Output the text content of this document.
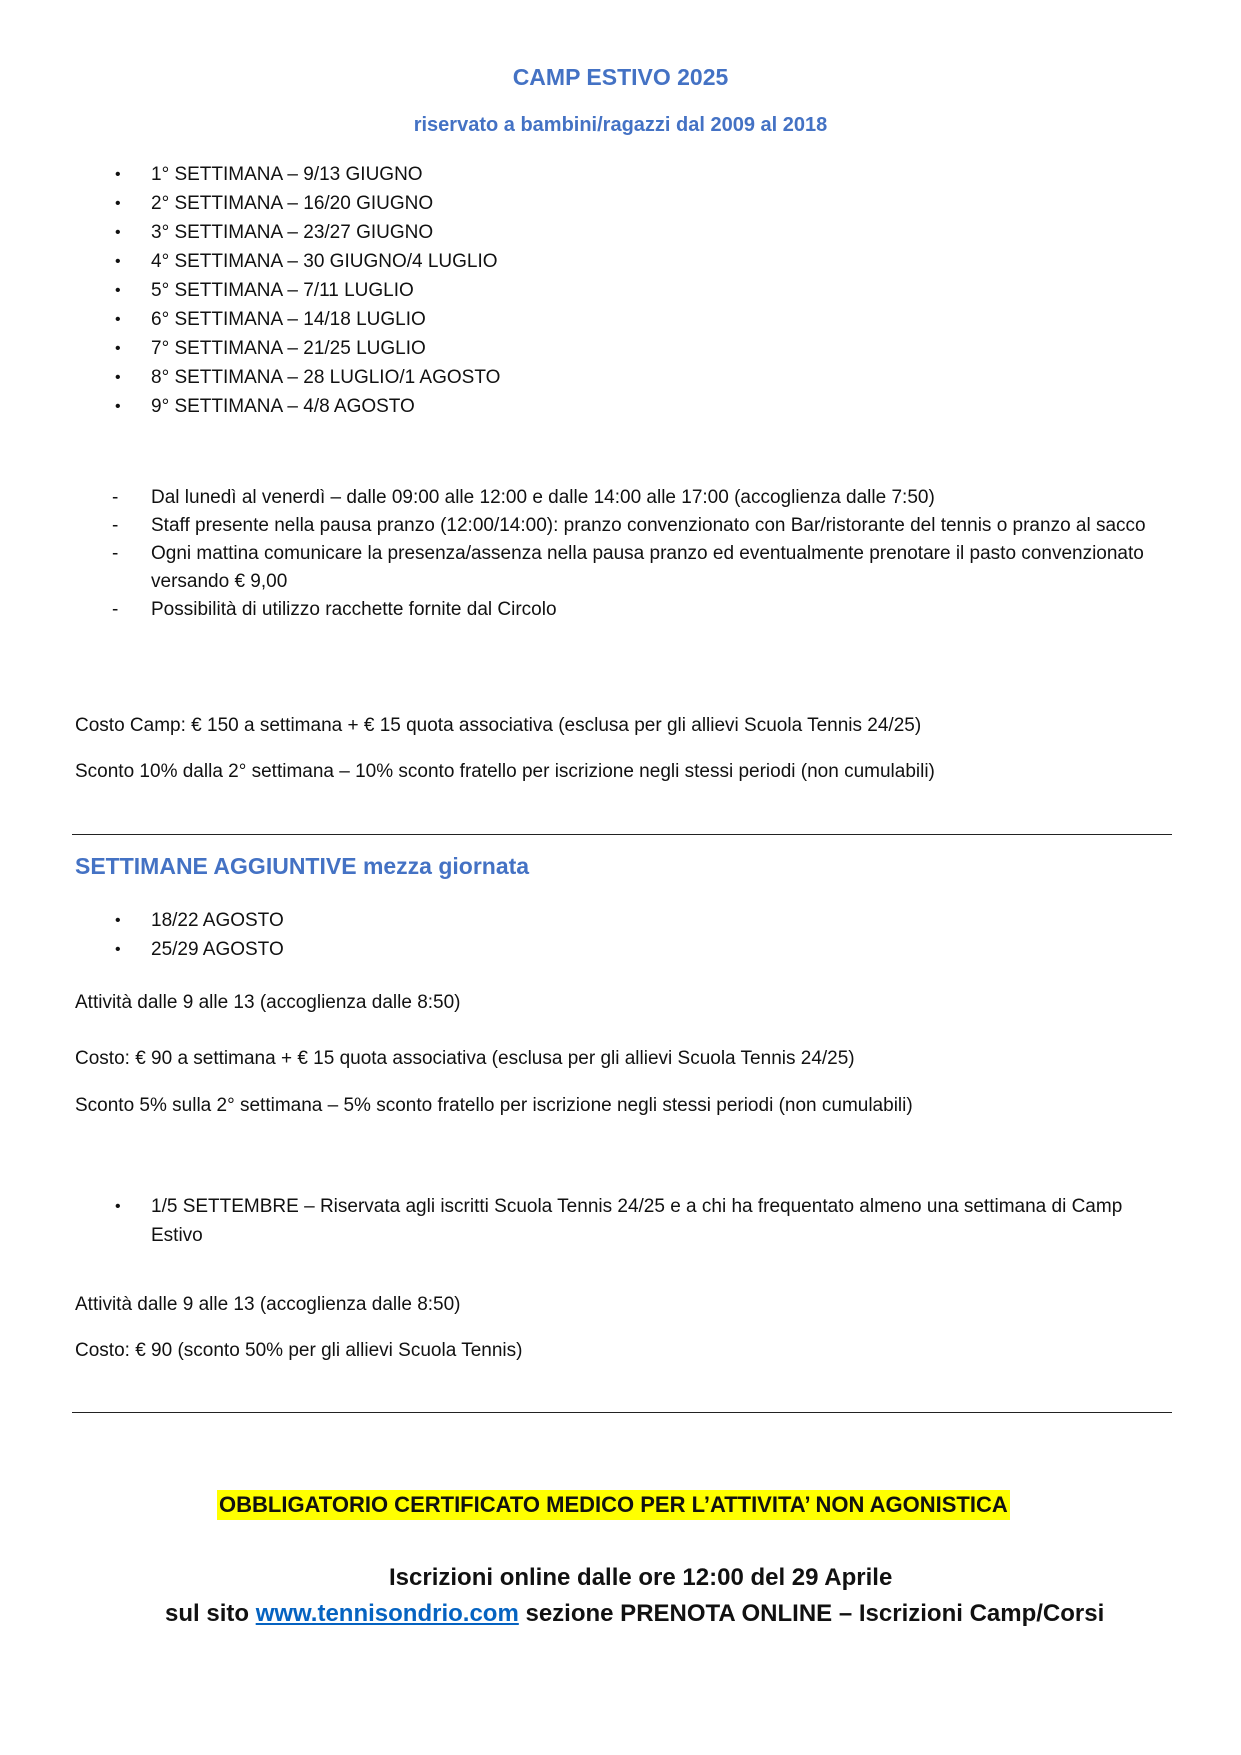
CAMP ESTIVO 2025
riservato a bambini/ragazzi dal 2009 al 2018
• 1° SETTIMANA – 9/13 GIUGNO
• 2° SETTIMANA – 16/20 GIUGNO
• 3° SETTIMANA – 23/27 GIUGNO
• 4° SETTIMANA – 30 GIUGNO/4 LUGLIO
• 5° SETTIMANA – 7/11 LUGLIO
• 6° SETTIMANA – 14/18 LUGLIO
• 7° SETTIMANA – 21/25 LUGLIO
• 8° SETTIMANA – 28 LUGLIO/1 AGOSTO
• 9° SETTIMANA – 4/8 AGOSTO
- Dal lunedì al venerdì – dalle 09:00 alle 12:00 e dalle 14:00 alle 17:00 (accoglienza dalle 7:50)
- Staff presente nella pausa pranzo (12:00/14:00): pranzo convenzionato con Bar/ristorante del tennis o pranzo al sacco
- Ogni mattina comunicare la presenza/assenza nella pausa pranzo ed eventualmente prenotare il pasto convenzionato versando € 9,00
- Possibilità di utilizzo racchette fornite dal Circolo
Costo Camp: € 150 a settimana + € 15 quota associativa (esclusa per gli allievi Scuola Tennis 24/25)
Sconto 10% dalla 2° settimana – 10% sconto fratello per iscrizione negli stessi periodi (non cumulabili)
SETTIMANE AGGIUNTIVE mezza giornata
• 18/22 AGOSTO
• 25/29 AGOSTO
Attività dalle 9 alle 13 (accoglienza dalle 8:50)
Costo: € 90 a settimana + € 15 quota associativa (esclusa per gli allievi Scuola Tennis 24/25)
Sconto 5% sulla 2° settimana – 5% sconto fratello per iscrizione negli stessi periodi (non cumulabili)
• 1/5 SETTEMBRE – Riservata agli iscritti Scuola Tennis 24/25 e a chi ha frequentato almeno una settimana di Camp Estivo
Attività dalle 9 alle 13 (accoglienza dalle 8:50)
Costo: € 90 (sconto 50% per gli allievi Scuola Tennis)
OBBLIGATORIO CERTIFICATO MEDICO PER L’ATTIVITA’ NON AGONISTICA
Iscrizioni online dalle ore 12:00 del 29 Aprile
sul sito www.tennisondrio.com sezione PRENOTA ONLINE – Iscrizioni Camp/Corsi
